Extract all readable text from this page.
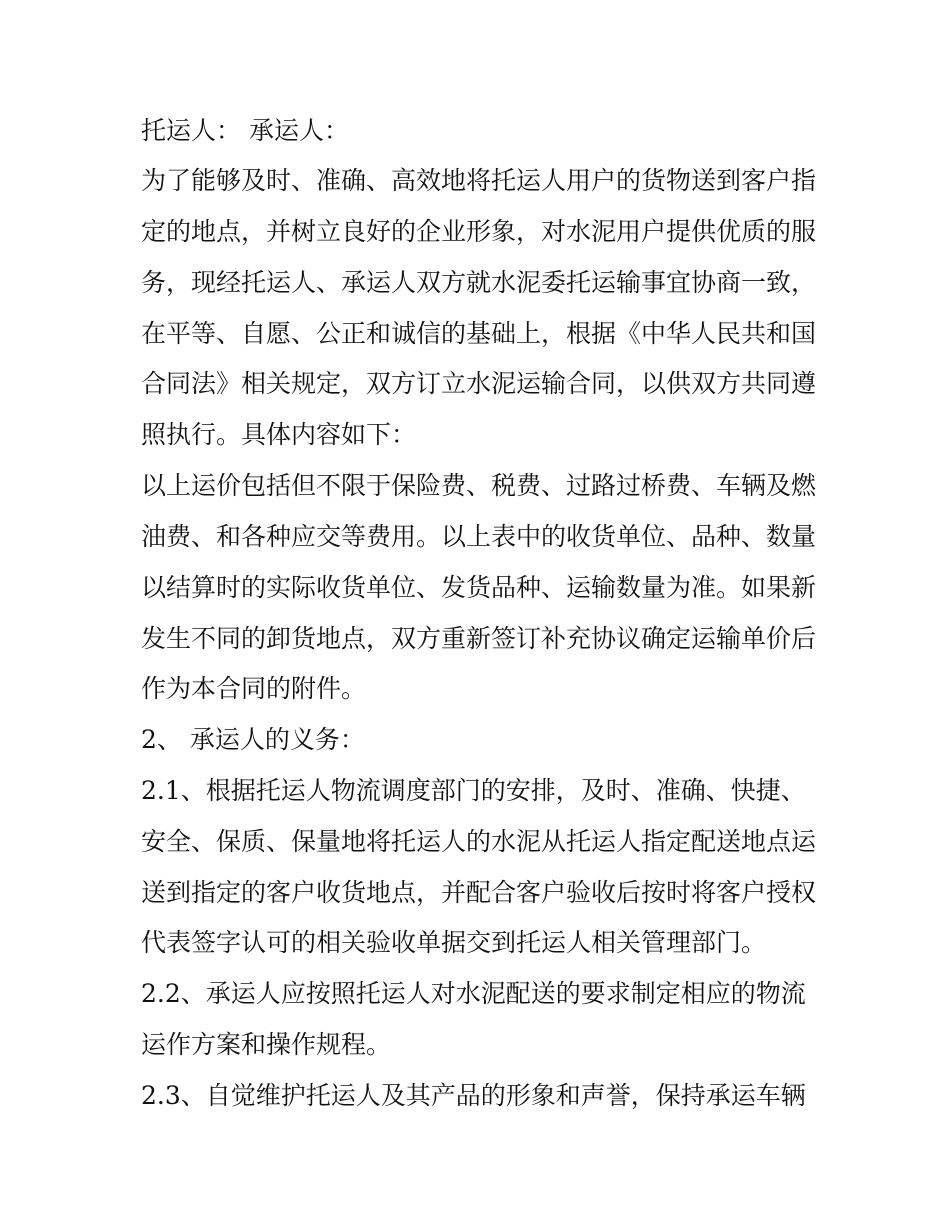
托运人： 承运人：
为了能够及时、准确、高效地将托运人用户的货物送到客户指
定的地点，并树立良好的企业形象，对水泥用户提供优质的服
务，现经托运人、承运人双方就水泥委托运输事宜协商一致，
在平等、自愿、公正和诚信的基础上，根据《中华人民共和国
合同法》相关规定，双方订立水泥运输合同，以供双方共同遵
照执行。具体内容如下：
以上运价包括但不限于保险费、税费、过路过桥费、车辆及燃
油费、和各种应交等费用。以上表中的收货单位、品种、数量
以结算时的实际收货单位、发货品种、运输数量为准。如果新
发生不同的卸货地点，双方重新签订补充协议确定运输单价后
作为本合同的附件。
2、 承运人的义务：
2.1、根据托运人物流调度部门的安排，及时、准确、快捷、
安全、保质、保量地将托运人的水泥从托运人指定配送地点运
送到指定的客户收货地点，并配合客户验收后按时将客户授权
代表签字认可的相关验收单据交到托运人相关管理部门。
2.2、承运人应按照托运人对水泥配送的要求制定相应的物流
运作方案和操作规程。
2.3、自觉维护托运人及其产品的形象和声誉，保持承运车辆
